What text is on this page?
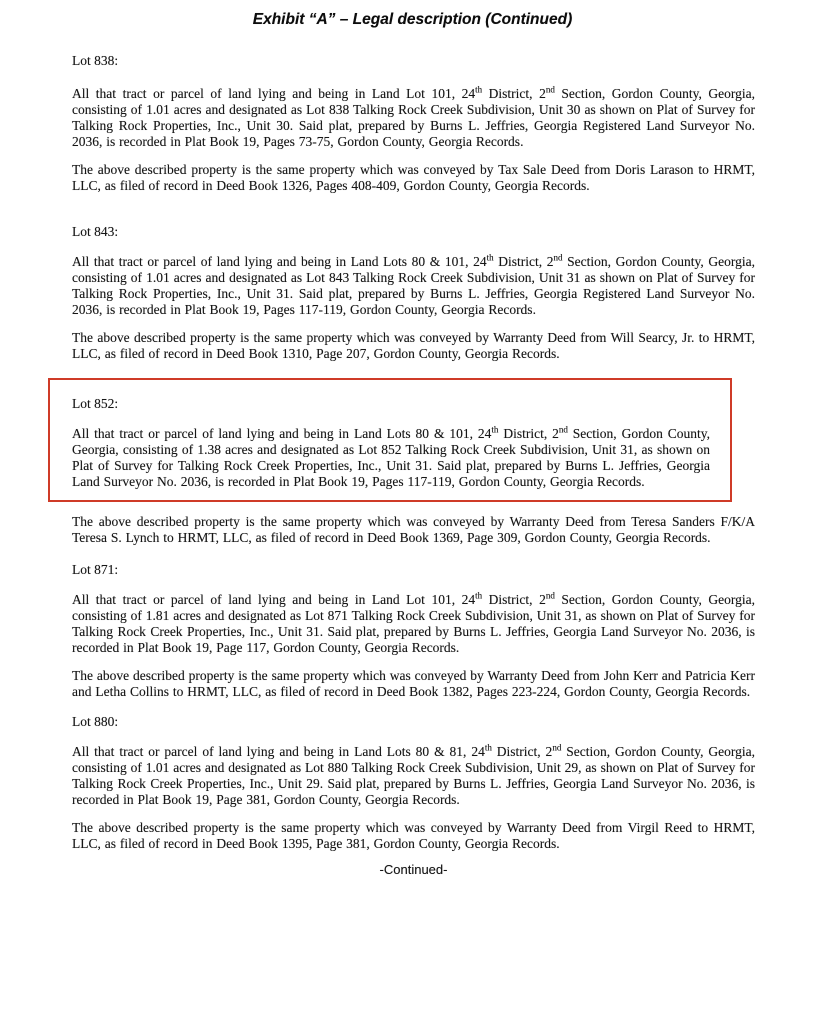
Exhibit “A” – Legal description (Continued)

Lot 838:

All that tract or parcel of land lying and being in Land Lot 101, 24th District, 2nd Section, Gordon County, Georgia, consisting of 1.01 acres and designated as Lot 838 Talking Rock Creek Subdivision, Unit 30 as shown on Plat of Survey for Talking Rock Properties, Inc., Unit 30. Said plat, prepared by Burns L. Jeffries, Georgia Registered Land Surveyor No. 2036, is recorded in Plat Book 19, Pages 73-75, Gordon County, Georgia Records.

The above described property is the same property which was conveyed by Tax Sale Deed from Doris Larason to HRMT, LLC, as filed of record in Deed Book 1326, Pages 408-409, Gordon County, Georgia Records.

Lot 843:

All that tract or parcel of land lying and being in Land Lots 80 & 101, 24th District, 2nd Section, Gordon County, Georgia, consisting of 1.01 acres and designated as Lot 843 Talking Rock Creek Subdivision, Unit 31 as shown on Plat of Survey for Talking Rock Properties, Inc., Unit 31. Said plat, prepared by Burns L. Jeffries, Georgia Registered Land Surveyor No. 2036, is recorded in Plat Book 19, Pages 117-119, Gordon County, Georgia Records.

The above described property is the same property which was conveyed by Warranty Deed from Will Searcy, Jr. to HRMT, LLC, as filed of record in Deed Book 1310, Page 207, Gordon County, Georgia Records.

Lot 852:

All that tract or parcel of land lying and being in Land Lots 80 & 101, 24th District, 2nd Section, Gordon County, Georgia, consisting of 1.38 acres and designated as Lot 852 Talking Rock Creek Subdivision, Unit 31, as shown on Plat of Survey for Talking Rock Creek Properties, Inc., Unit 31. Said plat, prepared by Burns L. Jeffries, Georgia Land Surveyor No. 2036, is recorded in Plat Book 19, Pages 117-119, Gordon County, Georgia Records.

The above described property is the same property which was conveyed by Warranty Deed from Teresa Sanders F/K/A Teresa S. Lynch to HRMT, LLC, as filed of record in Deed Book 1369, Page 309, Gordon County, Georgia Records.

Lot 871:

All that tract or parcel of land lying and being in Land Lot 101, 24th District, 2nd Section, Gordon County, Georgia, consisting of 1.81 acres and designated as Lot 871 Talking Rock Creek Subdivision, Unit 31, as shown on Plat of Survey for Talking Rock Creek Properties, Inc., Unit 31. Said plat, prepared by Burns L. Jeffries, Georgia Land Surveyor No. 2036, is recorded in Plat Book 19, Page 117, Gordon County, Georgia Records.

The above described property is the same property which was conveyed by Warranty Deed from John Kerr and Patricia Kerr and Letha Collins to HRMT, LLC, as filed of record in Deed Book 1382, Pages 223-224, Gordon County, Georgia Records.

Lot 880:

All that tract or parcel of land lying and being in Land Lots 80 & 81, 24th District, 2nd Section, Gordon County, Georgia, consisting of 1.01 acres and designated as Lot 880 Talking Rock Creek Subdivision, Unit 29, as shown on Plat of Survey for Talking Rock Creek Properties, Inc., Unit 29. Said plat, prepared by Burns L. Jeffries, Georgia Land Surveyor No. 2036, is recorded in Plat Book 19, Page 381, Gordon County, Georgia Records.

The above described property is the same property which was conveyed by Warranty Deed from Virgil Reed to HRMT, LLC, as filed of record in Deed Book 1395, Page 381, Gordon County, Georgia Records.

-Continued-
